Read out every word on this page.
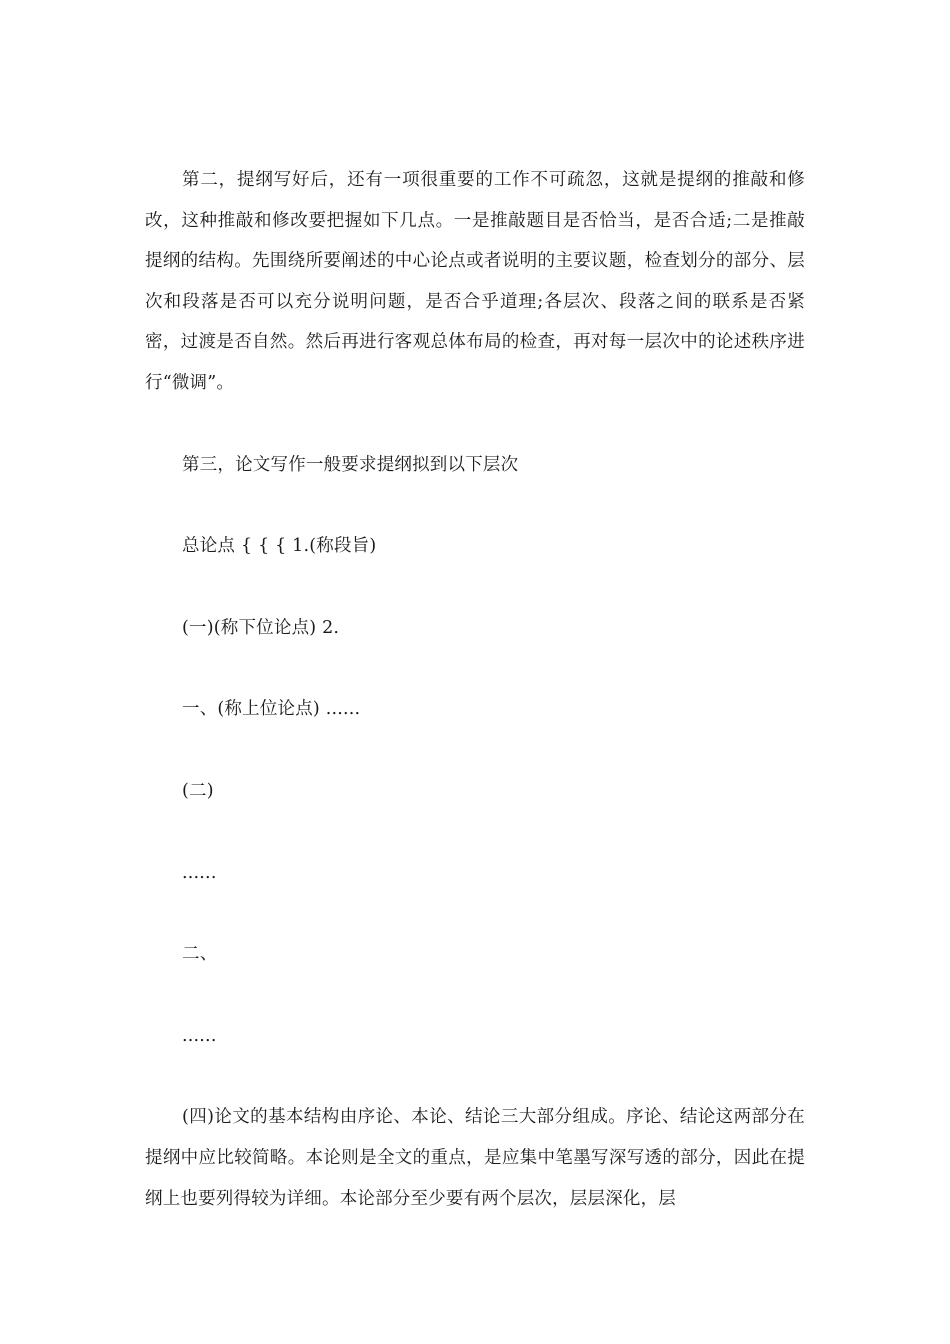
第二，提纲写好后，还有一项很重要的工作不可疏忽，这就是提纲的推敲和修改，这种推敲和修改要把握如下几点。一是推敲题目是否恰当，是否合适;二是推敲提纲的结构。先围绕所要阐述的中心论点或者说明的主要议题，检查划分的部分、层次和段落是否可以充分说明问题，是否合乎道理;各层次、段落之间的联系是否紧密，过渡是否自然。然后再进行客观总体布局的检查，再对每一层次中的论述秩序进行“微调”。

第三，论文写作一般要求提纲拟到以下层次

总论点 { { { 1.(称段旨)

(一)(称下位论点) 2.

一、(称上位论点) ......

(二)

......

二、

......

(四)论文的基本结构由序论、本论、结论三大部分组成。序论、结论这两部分在提纲中应比较简略。本论则是全文的重点，是应集中笔墨写深写透的部分，因此在提纲上也要列得较为详细。本论部分至少要有两个层次，层层深化，层
